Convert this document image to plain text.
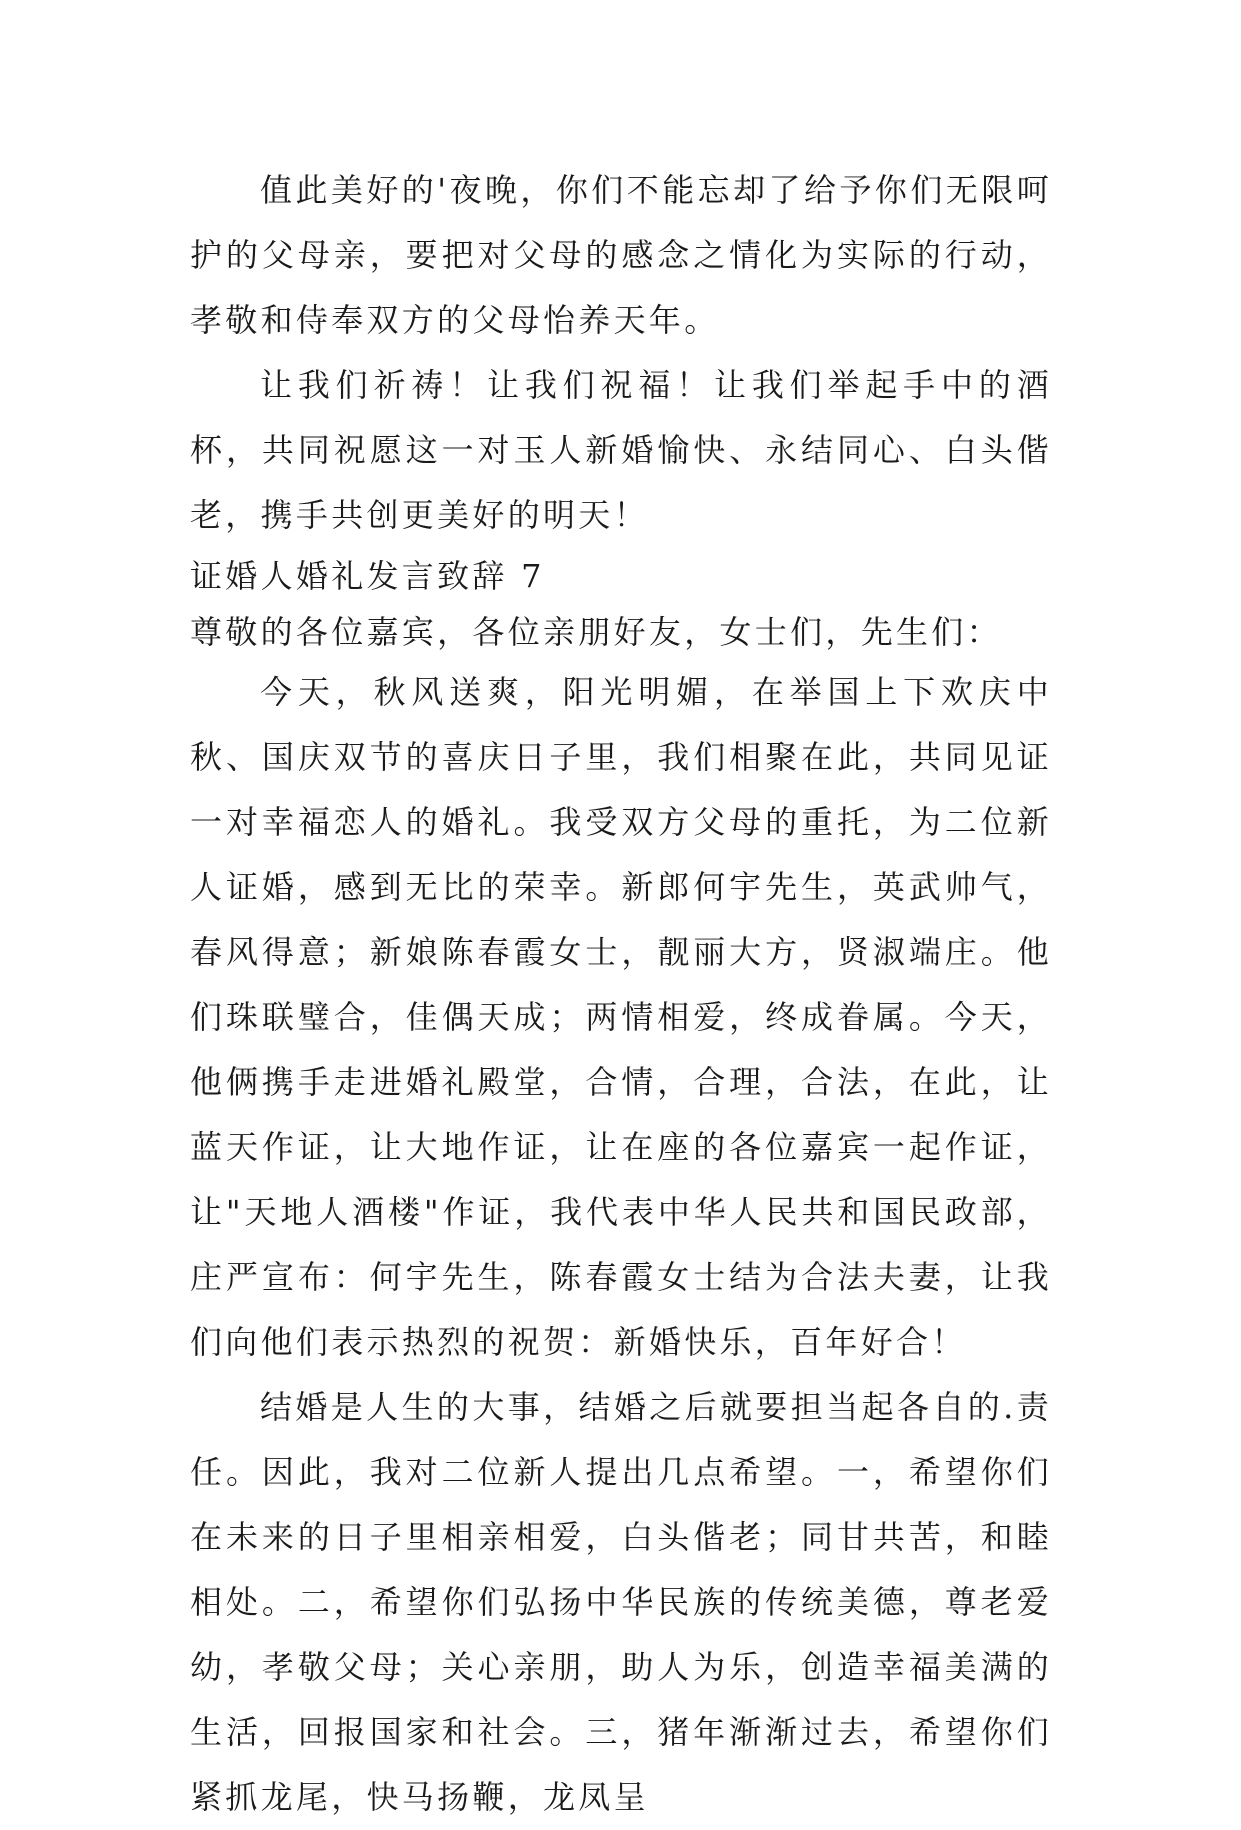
值此美好的'夜晚，你们不能忘却了给予你们无限呵护的父母亲，要把对父母的感念之情化为实际的行动，孝敬和侍奉双方的父母怡养天年。

让我们祈祷！让我们祝福！让我们举起手中的酒杯，共同祝愿这一对玉人新婚愉快、永结同心、白头偕老，携手共创更美好的明天！

证婚人婚礼发言致辞 7

尊敬的各位嘉宾，各位亲朋好友，女士们，先生们：

今天，秋风送爽，阳光明媚，在举国上下欢庆中秋、国庆双节的喜庆日子里，我们相聚在此，共同见证一对幸福恋人的婚礼。我受双方父母的重托，为二位新人证婚，感到无比的荣幸。新郎何宇先生，英武帅气，春风得意；新娘陈春霞女士，靓丽大方，贤淑端庄。他们珠联璧合，佳偶天成；两情相爱，终成眷属。今天，他俩携手走进婚礼殿堂，合情，合理，合法，在此，让蓝天作证，让大地作证，让在座的各位嘉宾一起作证，让"天地人酒楼"作证，我代表中华人民共和国民政部，庄严宣布：何宇先生，陈春霞女士结为合法夫妻，让我们向他们表示热烈的祝贺：新婚快乐，百年好合！

结婚是人生的大事，结婚之后就要担当起各自的.责任。因此，我对二位新人提出几点希望。一，希望你们在未来的日子里相亲相爱，白头偕老；同甘共苦，和睦相处。二，希望你们弘扬中华民族的传统美德，尊老爱幼，孝敬父母；关心亲朋，助人为乐，创造幸福美满的生活，回报国家和社会。三，猪年渐渐过去，希望你们紧抓龙尾，快马扬鞭，龙凤呈
